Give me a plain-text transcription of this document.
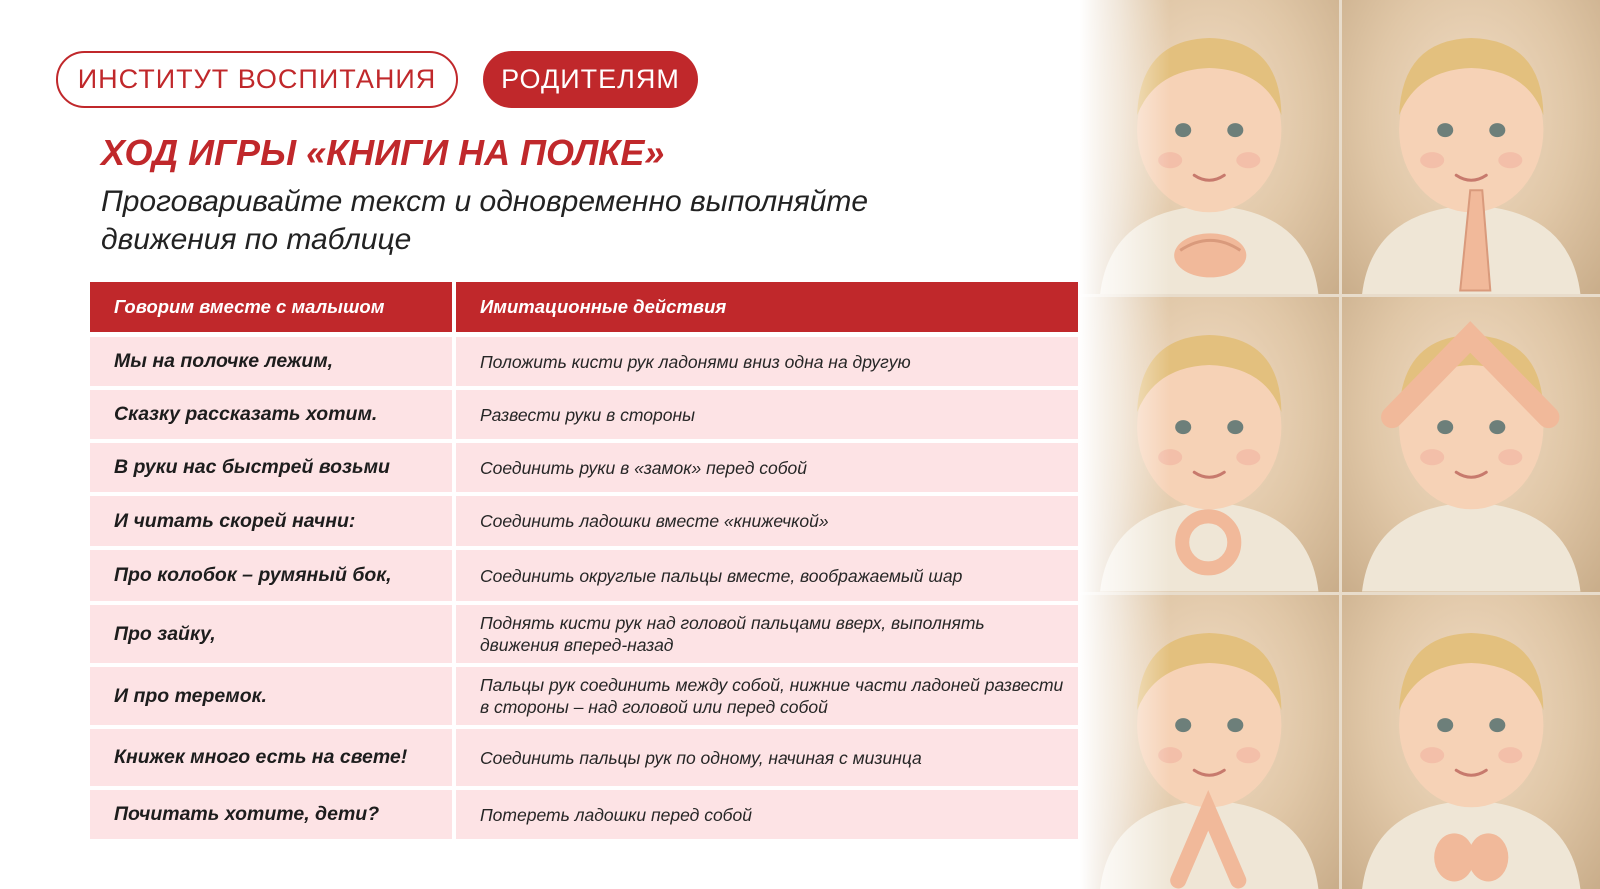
ИНСТИТУТ ВОСПИТАНИЯ	РОДИТЕЛЯМ
ХОД ИГРЫ «КНИГИ НА ПОЛКЕ»
Проговаривайте текст и одновременно выполняйте движения по таблице
Говорим вместе с малышом	Имитационные действия
Мы на полочке лежим,	Положить кисти рук ладонями вниз одна на другую
Сказку рассказать хотим.	Развести руки в стороны
В руки нас быстрей возьми	Соединить руки в «замок» перед собой
И читать скорей начни:	Соединить ладошки вместе «книжечкой»
Про колобок – румяный бок,	Соединить округлые пальцы вместе, воображаемый шар
Про зайку,	Поднять кисти рук над головой пальцами вверх, выполнять движения вперед-назад
И про теремок.	Пальцы рук соединить между собой, нижние части ладоней развести в стороны – над головой или перед собой
Книжек много есть на свете!	Соединить пальцы рук по одному, начиная с мизинца
Почитать хотите, дети?	Потереть ладошки перед собой
